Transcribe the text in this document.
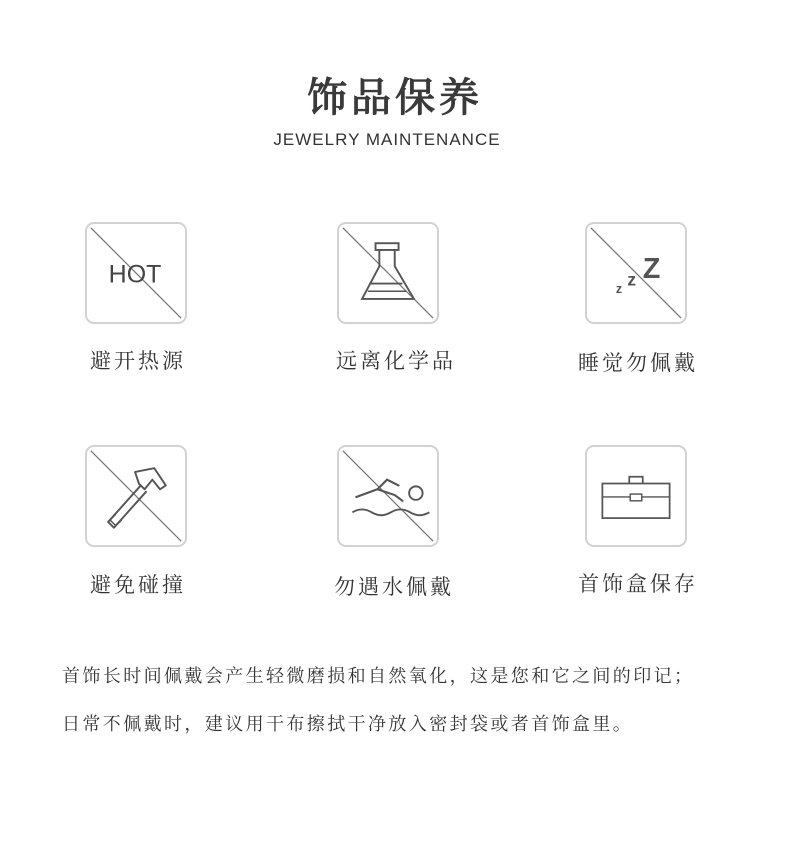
饰品保养
JEWELRY MAINTENANCE
HOT
避开热源	远离化学品
z z Z
睡觉勿佩戴
避免碰撞	勿遇水佩戴	首饰盒保存
首饰长时间佩戴会产生轻微磨损和自然氧化，这是您和它之间的印记；
日常不佩戴时，建议用干布擦拭干净放入密封袋或者首饰盒里。
